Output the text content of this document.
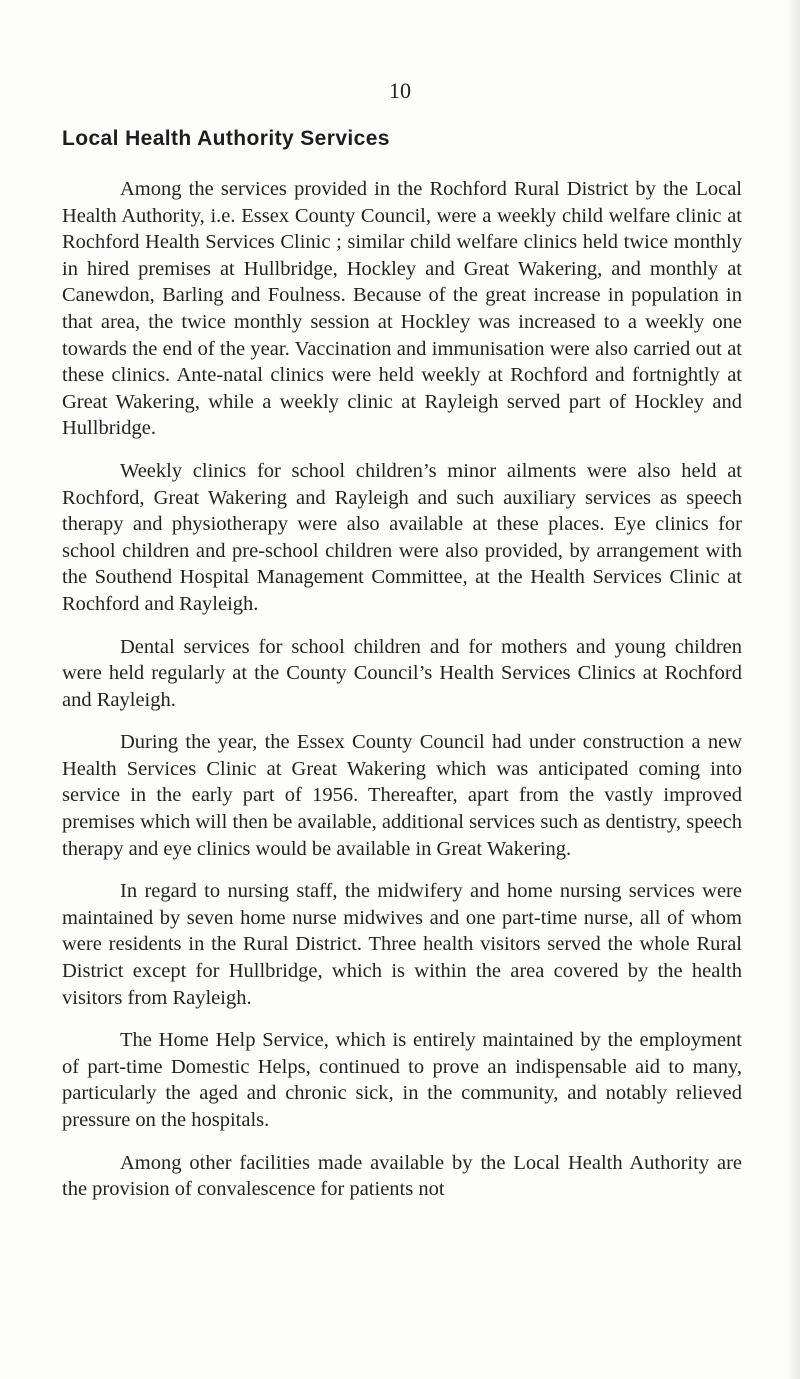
10
Local Health Authority Services

Among the services provided in the Rochford Rural District by the Local Health Authority, i.e. Essex County Council, were a weekly child welfare clinic at Rochford Health Services Clinic ; similar child welfare clinics held twice monthly in hired premises at Hullbridge, Hockley and Great Wakering, and monthly at Canewdon, Barling and Foulness. Because of the great increase in population in that area, the twice monthly session at Hockley was increased to a weekly one towards the end of the year. Vaccination and immunisation were also carried out at these clinics. Ante-natal clinics were held weekly at Rochford and fortnightly at Great Wakering, while a weekly clinic at Rayleigh served part of Hockley and Hullbridge.

Weekly clinics for school children’s minor ailments were also held at Rochford, Great Wakering and Rayleigh and such auxiliary services as speech therapy and physiotherapy were also available at these places. Eye clinics for school children and pre-school children were also provided, by arrangement with the Southend Hospital Management Committee, at the Health Services Clinic at Rochford and Rayleigh.

Dental services for school children and for mothers and young children were held regularly at the County Council’s Health Services Clinics at Rochford and Rayleigh.

During the year, the Essex County Council had under construction a new Health Services Clinic at Great Wakering which was anticipated coming into service in the early part of 1956. Thereafter, apart from the vastly improved premises which will then be available, additional services such as dentistry, speech therapy and eye clinics would be available in Great Wakering.

In regard to nursing staff, the midwifery and home nursing services were maintained by seven home nurse midwives and one part-time nurse, all of whom were residents in the Rural District. Three health visitors served the whole Rural District except for Hullbridge, which is within the area covered by the health visitors from Rayleigh.

The Home Help Service, which is entirely maintained by the employment of part-time Domestic Helps, continued to prove an indispensable aid to many, particularly the aged and chronic sick, in the community, and notably relieved pressure on the hospitals.

Among other facilities made available by the Local Health Authority are the provision of convalescence for patients not
